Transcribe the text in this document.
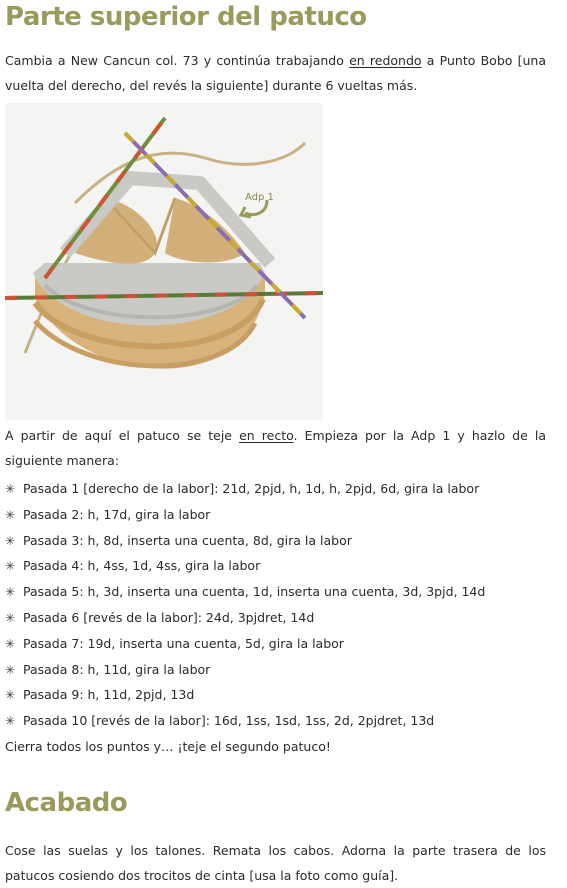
Parte superior del patuco

Cambia a New Cancun col. 73 y continúa trabajando en redondo a Punto Bobo [una vuelta del derecho, del revés la siguiente] durante 6 vueltas más.

Adp 1

A partir de aquí el patuco se teje en recto. Empieza por la Adp 1 y hazlo de la siguiente manera:

✳ Pasada 1 [derecho de la labor]: 21d, 2pjd, h, 1d, h, 2pjd, 6d, gira la labor
✳ Pasada 2: h, 17d, gira la labor
✳ Pasada 3: h, 8d, inserta una cuenta, 8d, gira la labor
✳ Pasada 4: h, 4ss, 1d, 4ss, gira la labor
✳ Pasada 5: h, 3d, inserta una cuenta, 1d, inserta una cuenta, 3d, 3pjd, 14d
✳ Pasada 6 [revés de la labor]: 24d, 3pjdret, 14d
✳ Pasada 7: 19d, inserta una cuenta, 5d, gira la labor
✳ Pasada 8: h, 11d, gira la labor
✳ Pasada 9: h, 11d, 2pjd, 13d
✳ Pasada 10 [revés de la labor]: 16d, 1ss, 1sd, 1ss, 2d, 2pjdret, 13d

Cierra todos los puntos y… ¡teje el segundo patuco!

Acabado

Cose las suelas y los talones. Remata los cabos. Adorna la parte trasera de los patucos cosiendo dos trocitos de cinta [usa la foto como guía].
